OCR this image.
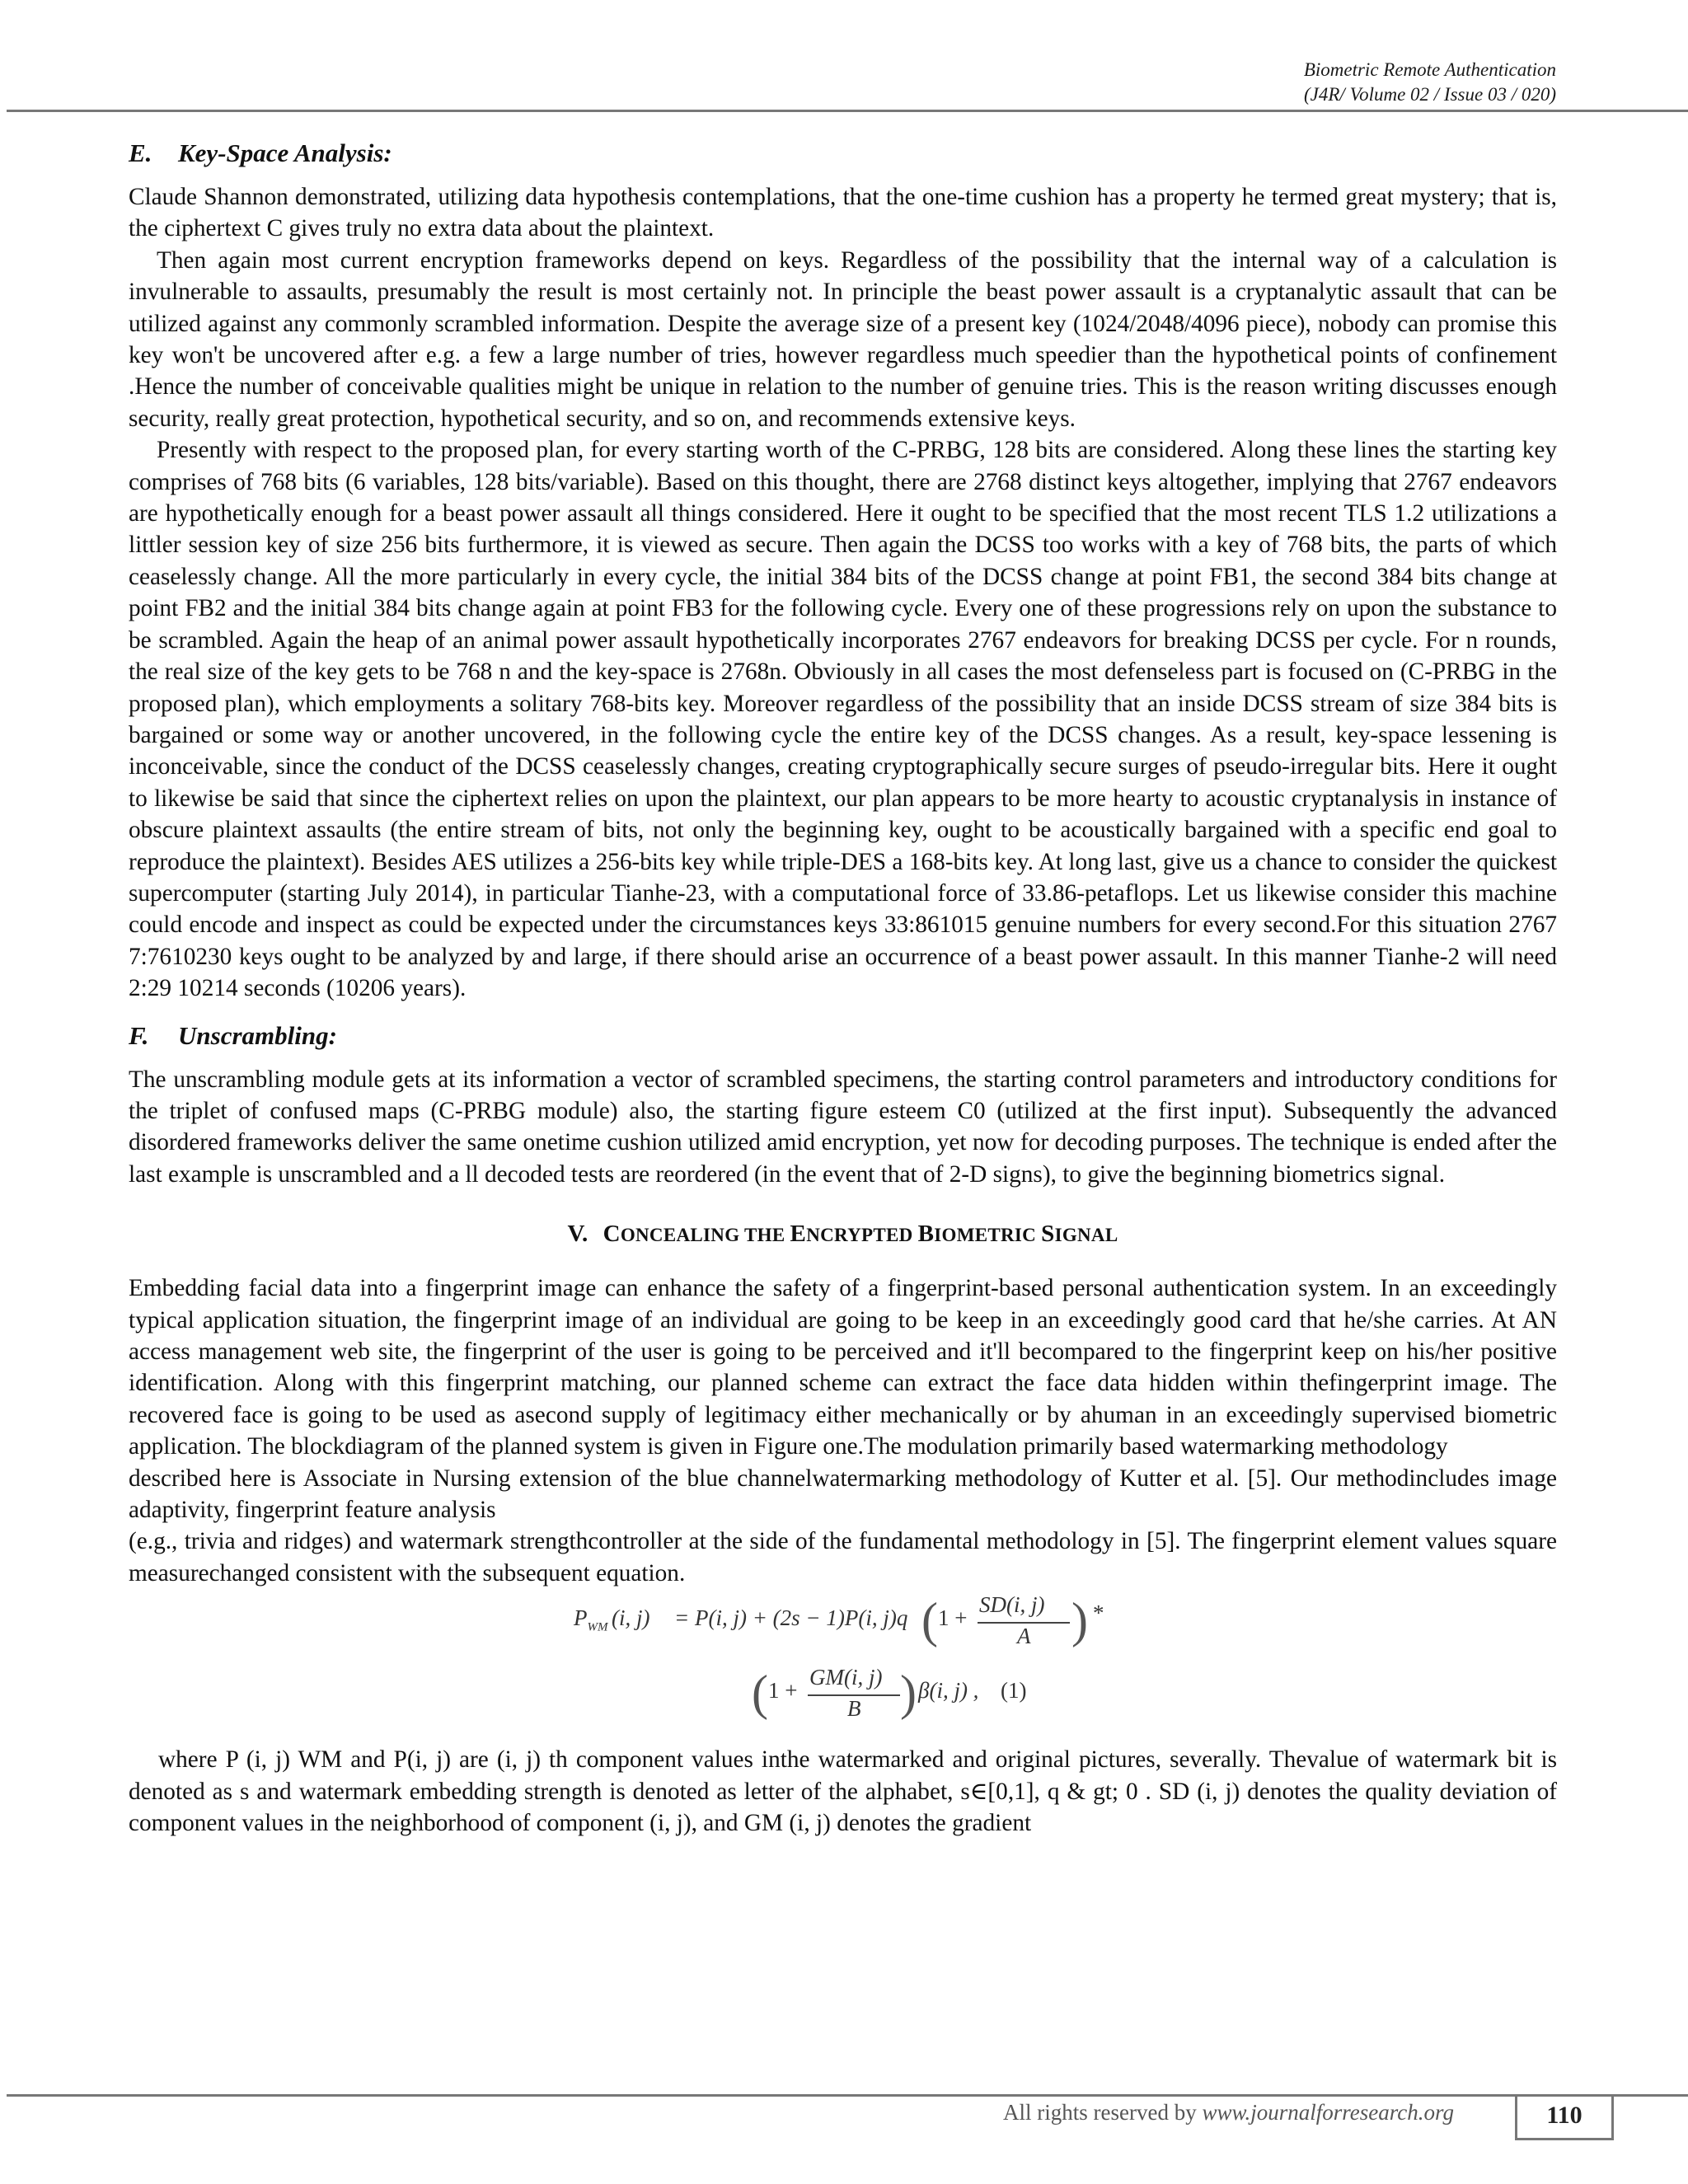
Biometric Remote Authentication
(J4R/ Volume 02 / Issue 03 / 020)
E. Key-Space Analysis:

Claude Shannon demonstrated, utilizing data hypothesis contemplations, that the one-time cushion has a property he termed great mystery; that is, the ciphertext C gives truly no extra data about the plaintext.

Then again most current encryption frameworks depend on keys. Regardless of the possibility that the internal way of a calculation is invulnerable to assaults, presumably the result is most certainly not. In principle the beast power assault is a cryptanalytic assault that can be utilized against any commonly scrambled information. Despite the average size of a present key (1024/2048/4096 piece), nobody can promise this key won't be uncovered after e.g. a few a large number of tries, however regardless much speedier than the hypothetical points of confinement .Hence the number of conceivable qualities might be unique in relation to the number of genuine tries. This is the reason writing discusses enough security, really great protection, hypothetical security, and so on, and recommends extensive keys.

Presently with respect to the proposed plan, for every starting worth of the C-PRBG, 128 bits are considered. Along these lines the starting key comprises of 768 bits (6 variables, 128 bits/variable). Based on this thought, there are 2768 distinct keys altogether, implying that 2767 endeavors are hypothetically enough for a beast power assault all things considered. Here it ought to be specified that the most recent TLS 1.2 utilizations a littler session key of size 256 bits furthermore, it is viewed as secure. Then again the DCSS too works with a key of 768 bits, the parts of which ceaselessly change. All the more particularly in every cycle, the initial 384 bits of the DCSS change at point FB1, the second 384 bits change at point FB2 and the initial 384 bits change again at point FB3 for the following cycle. Every one of these progressions rely on upon the substance to be scrambled. Again the heap of an animal power assault hypothetically incorporates 2767 endeavors for breaking DCSS per cycle. For n rounds, the real size of the key gets to be 768 n and the key-space is 2768n. Obviously in all cases the most defenseless part is focused on (C-PRBG in the proposed plan), which employments a solitary 768-bits key. Moreover regardless of the possibility that an inside DCSS stream of size 384 bits is bargained or some way or another uncovered, in the following cycle the entire key of the DCSS changes. As a result, key-space lessening is inconceivable, since the conduct of the DCSS ceaselessly changes, creating cryptographically secure surges of pseudo-irregular bits. Here it ought to likewise be said that since the ciphertext relies on upon the plaintext, our plan appears to be more hearty to acoustic cryptanalysis in instance of obscure plaintext assaults (the entire stream of bits, not only the beginning key, ought to be acoustically bargained with a specific end goal to reproduce the plaintext). Besides AES utilizes a 256-bits key while triple-DES a 168-bits key. At long last, give us a chance to consider the quickest supercomputer (starting July 2014), in particular Tianhe-23, with a computational force of 33.86-petaflops. Let us likewise consider this machine could encode and inspect as could be expected under the circumstances keys 33:861015 genuine numbers for every second.For this situation 2767 7:7610230 keys ought to be analyzed by and large, if there should arise an occurrence of a beast power assault. In this manner Tianhe-2 will need 2:29 10214 seconds (10206 years).

F. Unscrambling:

The unscrambling module gets at its information a vector of scrambled specimens, the starting control parameters and introductory conditions for the triplet of confused maps (C-PRBG module) also, the starting figure esteem C0 (utilized at the first input). Subsequently the advanced disordered frameworks deliver the same onetime cushion utilized amid encryption, yet now for decoding purposes. The technique is ended after the last example is unscrambled and a ll decoded tests are reordered (in the event that of 2-D signs), to give the beginning biometrics signal.

V. CONCEALING THE ENCRYPTED BIOMETRIC SIGNAL

Embedding facial data into a fingerprint image can enhance the safety of a fingerprint-based personal authentication system. In an exceedingly typical application situation, the fingerprint image of an individual are going to be keep in an exceedingly good card that he/she carries. At AN access management web site, the fingerprint of the user is going to be perceived and it'll becompared to the fingerprint keep on his/her positive identification. Along with this fingerprint matching, our planned scheme can extract the face data hidden within thefingerprint image. The recovered face is going to be used as asecond supply of legitimacy either mechanically or by ahuman in an exceedingly supervised biometric application. The blockdiagram of the planned system is given in Figure one.The modulation primarily based watermarking methodology

described here is Associate in Nursing extension of the blue channelwatermarking methodology of Kutter et al. [5]. Our methodincludes image adaptivity, fingerprint feature analysis

(e.g., trivia and ridges) and watermark strengthcontroller at the side of the fundamental methodology in [5]. The fingerprint element values square measurechanged consistent with the subsequent equation.

$P_{WM}$ (i, j) = P(i, j) + (2s − 1)P(i, j)q ( 1 +
SD(i, j)
A ) *
( 1 +
GM(i, j)
B ) β(i, j) , (1)

where P (i, j) WM and P(i, j) are (i, j) th component values inthe watermarked and original pictures, severally. Thevalue of watermark bit is denoted as s and watermark embedding strength is denoted as letter of the alphabet, s∈[0,1], q & gt; 0 . SD (i, j) denotes the quality deviation of component values in the neighborhood of component (i, j), and GM (i, j) denotes the gradient

All rights reserved by www.journalforresearch.org	110
